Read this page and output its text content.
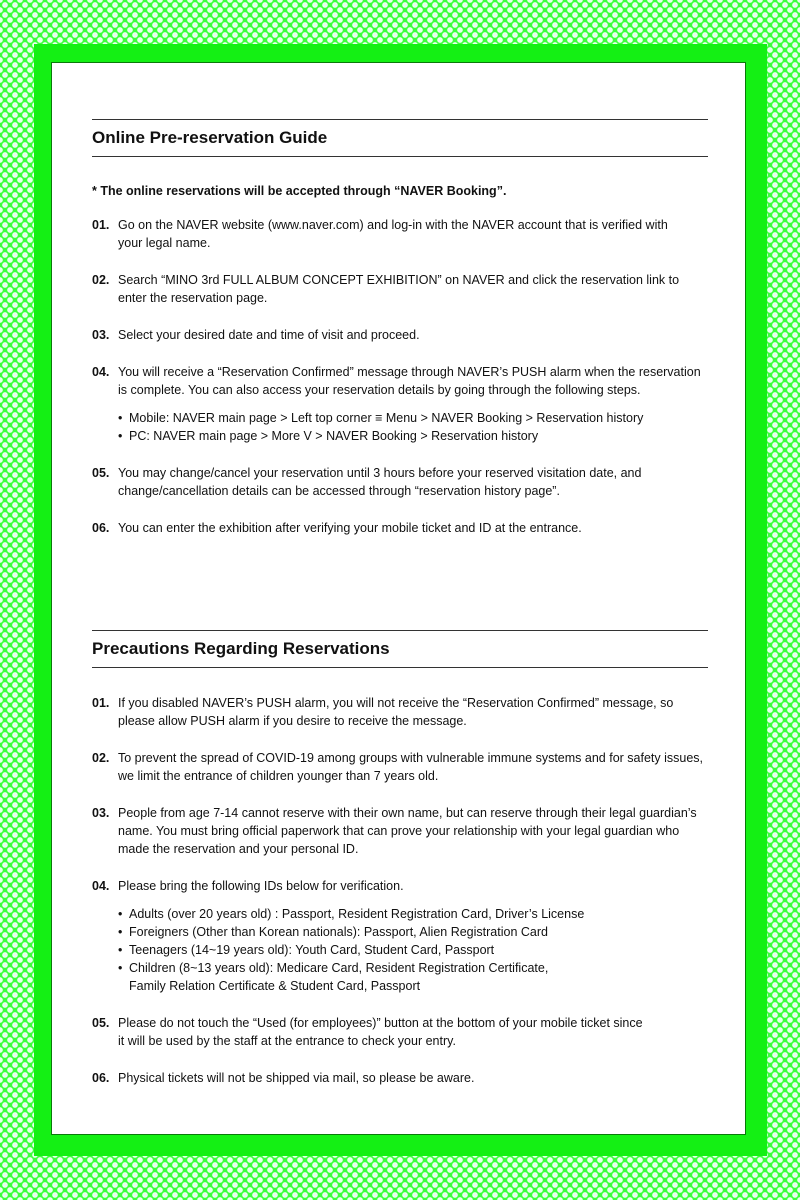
Online Pre-reservation Guide

* The online reservations will be accepted through “NAVER Booking”.

01. Go on the NAVER website (www.naver.com) and log-in with the NAVER account that is verified with your legal name.
02. Search “MINO 3rd FULL ALBUM CONCEPT EXHIBITION” on NAVER and click the reservation link to enter the reservation page.
03. Select your desired date and time of visit and proceed.
04. You will receive a “Reservation Confirmed” message through NAVER’s PUSH alarm when the reservation is complete. You can also access your reservation details by going through the following steps.
• Mobile: NAVER main page > Left top corner ≡ Menu > NAVER Booking > Reservation history
• PC: NAVER main page > More V > NAVER Booking > Reservation history
05. You may change/cancel your reservation until 3 hours before your reserved visitation date, and change/cancellation details can be accessed through “reservation history page”.
06. You can enter the exhibition after verifying your mobile ticket and ID at the entrance.
Precautions Regarding Reservations
01. If you disabled NAVER’s PUSH alarm, you will not receive the “Reservation Confirmed” message, so please allow PUSH alarm if you desire to receive the message.
02. To prevent the spread of COVID-19 among groups with vulnerable immune systems and for safety issues, we limit the entrance of children younger than 7 years old.
03. People from age 7-14 cannot reserve with their own name, but can reserve through their legal guardian’s name. You must bring official paperwork that can prove your relationship with your legal guardian who made the reservation and your personal ID.
04. Please bring the following IDs below for verification.
• Adults (over 20 years old) : Passport, Resident Registration Card, Driver’s License
• Foreigners (Other than Korean nationals): Passport, Alien Registration Card
• Teenagers (14~19 years old): Youth Card, Student Card, Passport
• Children (8~13 years old): Medicare Card, Resident Registration Certificate, Family Relation Certificate & Student Card, Passport
05. Please do not touch the “Used (for employees)” button at the bottom of your mobile ticket since it will be used by the staff at the entrance to check your entry.
06. Physical tickets will not be shipped via mail, so please be aware.
